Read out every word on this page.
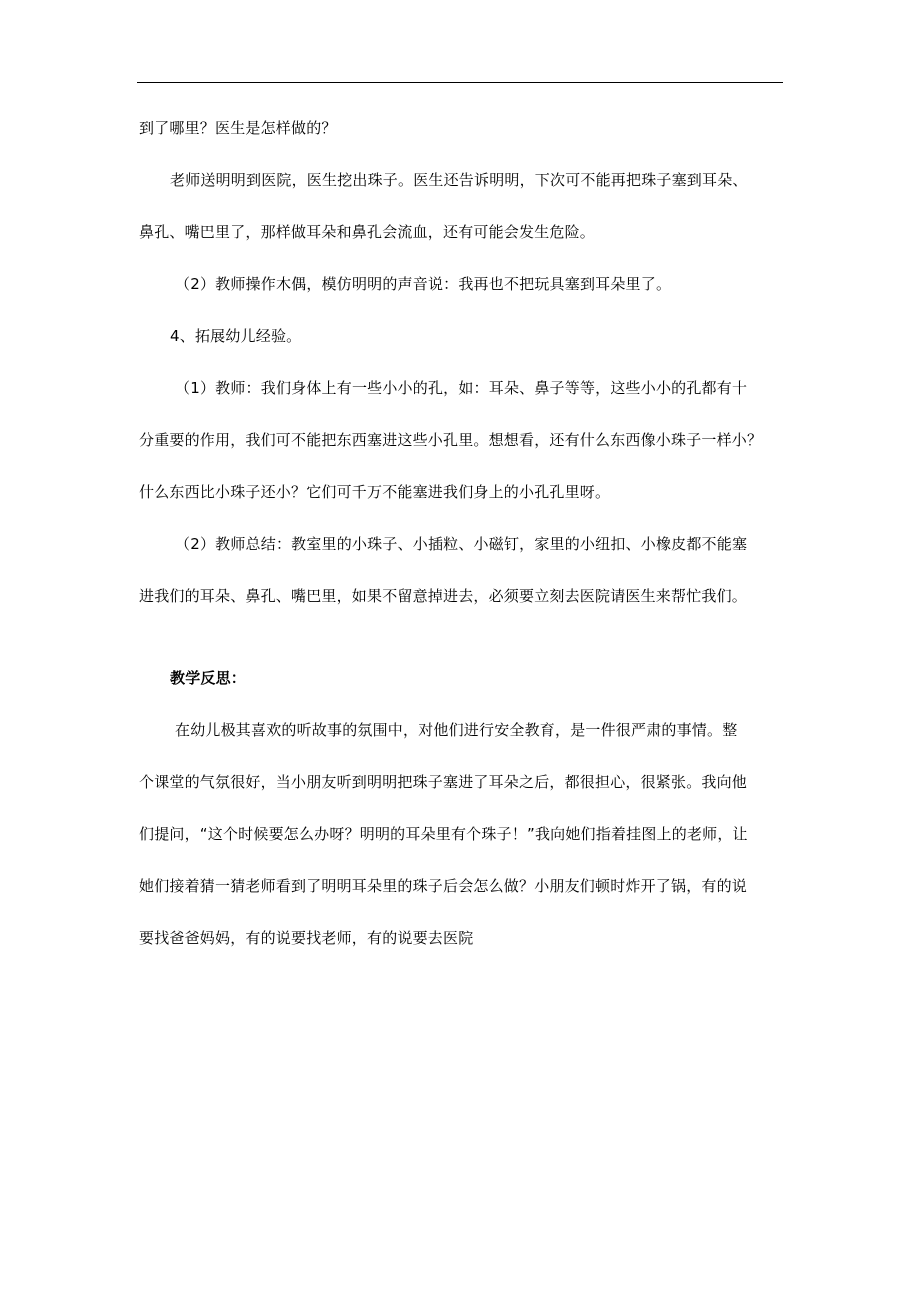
到了哪里？医生是怎样做的？

老师送明明到医院，医生挖出珠子。医生还告诉明明，下次可不能再把珠子塞到耳朵、

鼻孔、嘴巴里了，那样做耳朵和鼻孔会流血，还有可能会发生危险。

（2）教师操作木偶，模仿明明的声音说：我再也不把玩具塞到耳朵里了。

4、拓展幼儿经验。

（1）教师：我们身体上有一些小小的孔，如：耳朵、鼻子等等，这些小小的孔都有十

分重要的作用，我们可不能把东西塞进这些小孔里。想想看，还有什么东西像小珠子一样小？

什么东西比小珠子还小？它们可千万不能塞进我们身上的小孔孔里呀。

（2）教师总结：教室里的小珠子、小插粒、小磁钉，家里的小纽扣、小橡皮都不能塞

进我们的耳朵、鼻孔、嘴巴里，如果不留意掉进去，必须要立刻去医院请医生来帮忙我们。

教学反思：

在幼儿极其喜欢的听故事的氛围中，对他们进行安全教育，是一件很严肃的事情。整

个课堂的气氛很好，当小朋友听到明明把珠子塞进了耳朵之后，都很担心，很紧张。我向他

们提问，“这个时候要怎么办呀？明明的耳朵里有个珠子！”我向她们指着挂图上的老师，让

她们接着猜一猜老师看到了明明耳朵里的珠子后会怎么做？小朋友们顿时炸开了锅，有的说

要找爸爸妈妈，有的说要找老师，有的说要去医院
